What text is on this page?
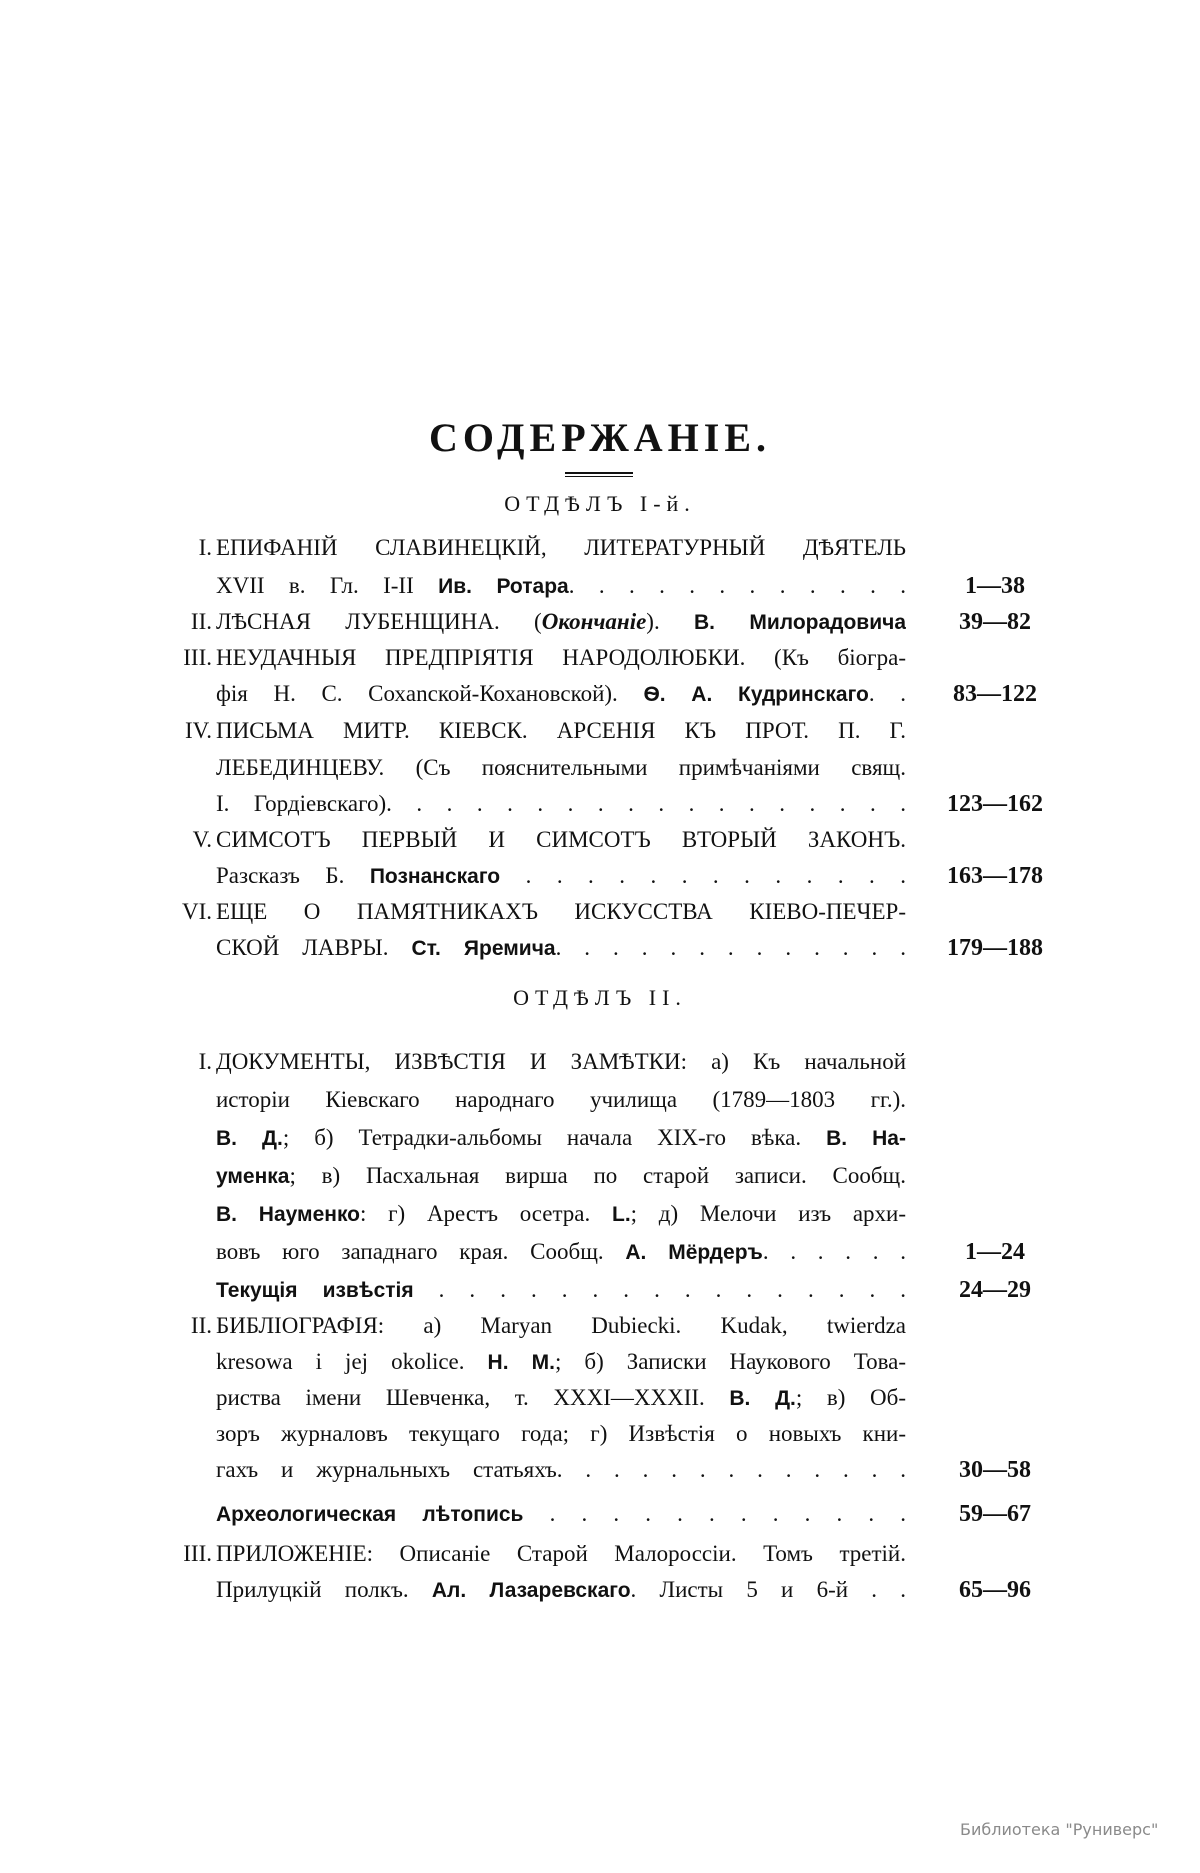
СОДЕРЖАНІЕ.
ОТДѢЛЪ I-й.
ОТДѢЛЪ II.
I. ЕПИФАНІЙ СЛАВИНЕЦКІЙ, ЛИТЕРАТУРНЫЙ ДѢЯТЕЛЬ
XVII в. Гл. I-II Ив. Ротара. . . . . . . . . . . .	1—38
II. ЛѢСНАЯ ЛУБЕНЩИНА. (Окончаніе). В. Милорадовича	39—82
III. НЕУДАЧНЫЯ ПРЕДПРІЯТІЯ НАРОДОЛЮБКИ. (Къ біогра-
фія Н. С. Сохanской-Кохановской). Ѳ. А. Кудринскаго. .	83—122
IV. ПИСЬМА МИТР. КІЕВСК. АРСЕНІЯ КЪ ПРОТ. П. Г.
ЛЕБЕДИНЦЕВУ. (Съ пояснительными примѣчаніями свящ.
I. Гордіевскаго). . . . . . . . . . . . . . . . . .	123—162
V. СИМСОТЪ ПЕРВЫЙ И СИМСОТЪ ВТОРЫЙ ЗАКОНЪ.
Разсказъ Б. Познанскаго . . . . . . . . . . . . .	163—178
VI. ЕЩЕ О ПАМЯТНИКАХЪ ИСКУССТВА КІЕВО-ПЕЧЕР-
СКОЙ ЛАВРЫ. Ст. Яремича. . . . . . . . . . . . .	179—188
I. ДОКУМЕНТЫ, ИЗВѢСТІЯ И ЗАМѢТКИ: а) Къ начальной
исторіи Кіевскаго народнаго училища (1789—1803 гг.).
В. Д.; б) Тетрадки-альбомы начала XIX-го вѣка. В. На-
уменка; в) Пасхальная вирша по старой записи. Сообщ.
В. Науменко: г) Арестъ осетра. L.; д) Мелочи изъ архи-
вовъ юго западнаго края. Сообщ. А. Мёрдеръ. . . . . .	1—24
Текущія извѣстія . . . . . . . . . . . . . . . .	24—29
II. БИБЛІОГРАФІЯ: а) Maryan Dubiecki. Kudak, twierdza
kresowa i jej okolice. Н. М.; б) Записки Наукового Това-
риства імени Шевченка, т. XXXI—XXXII. В. Д.; в) Об-
зоръ журналовъ текущаго года; г) Извѣстія о новыхъ кни-
гахъ и журнальныхъ статьяхъ. . . . . . . . . . . . .	30—58
Археологическая лѣтопись . . . . . . . . . . . .	59—67
III. ПРИЛОЖЕНІЕ: Описаніе Старой Малороссіи. Томъ третій.
Прилуцкій полкъ. Ал. Лазаревскаго. Листы 5 и 6-й . .	65—96
Библиотека "Руниверс"
